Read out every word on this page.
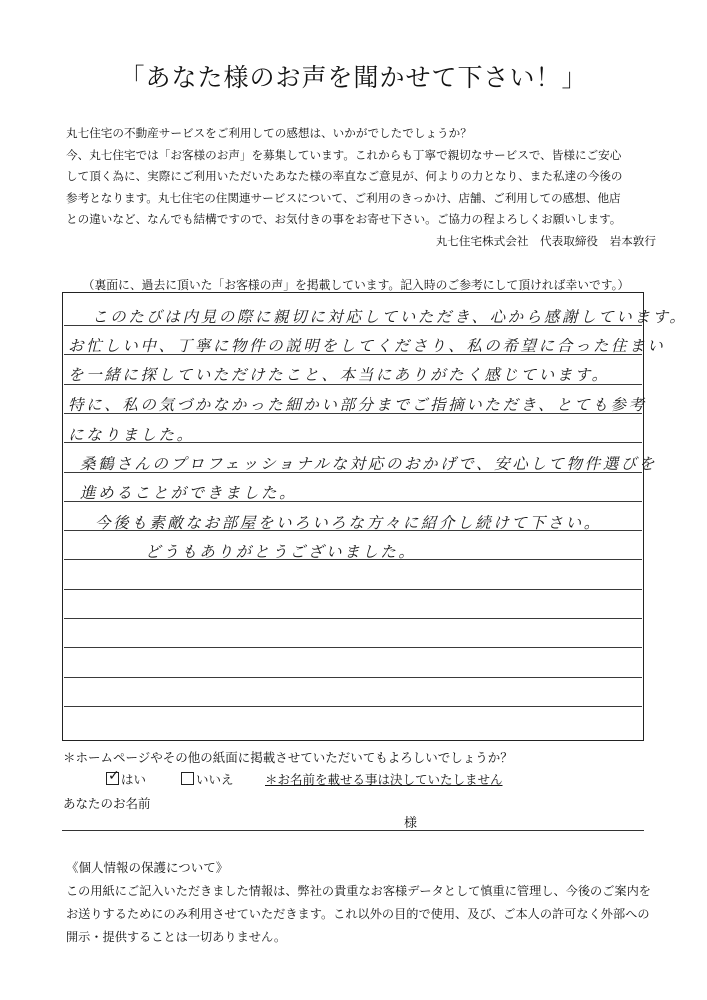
「あなた様のお声を聞かせて下さい！」

丸七住宅の不動産サービスをご利用しての感想は、いかがでしたでしょうか？

今、丸七住宅では「お客様のお声」を募集しています。これからも丁寧で親切なサービスで、皆様にご安心

して頂く為に、実際にご利用いただいたあなた様の率直なご意見が、何よりの力となり、また私達の今後の

参考となります。丸七住宅の住関連サービスについて、ご利用のきっかけ、店舗、ご利用しての感想、他店

との違いなど、なんでも結構ですので、お気付きの事をお寄せ下さい。ご協力の程よろしくお願いします。

丸七住宅株式会社　代表取締役　岩本敦行
（裏面に、過去に頂いた「お客様の声」を掲載しています。記入時のご参考にして頂ければ幸いです。）
このたびは内見の際に親切に対応していただき、心から感謝しています。
お忙しい中、丁寧に物件の説明をしてくださり、私の希望に合った住まい
を一緒に探していただけたこと、本当にありがたく感じています。
特に、私の気づかなかった細かい部分までご指摘いただき、とても参考
になりました。
桑鶴さんのプロフェッショナルな対応のおかげで、安心して物件選びを
進めることができました。
今後も素敵なお部屋をいろいろな方々に紹介し続けて下さい。
どうもありがとうございました。
＊ホームページやその他の紙面に掲載させていただいてもよろしいでしょうか？
✓ はい	いいえ	＊お名前を載せる事は決していたしません
あなたのお名前
様
《個人情報の保護について》

この用紙にご記入いただきました情報は、弊社の貴重なお客様データとして慎重に管理し、今後のご案内を

お送りするためにのみ利用させていただきます。これ以外の目的で使用、及び、ご本人の許可なく外部への

開示・提供することは一切ありません。
